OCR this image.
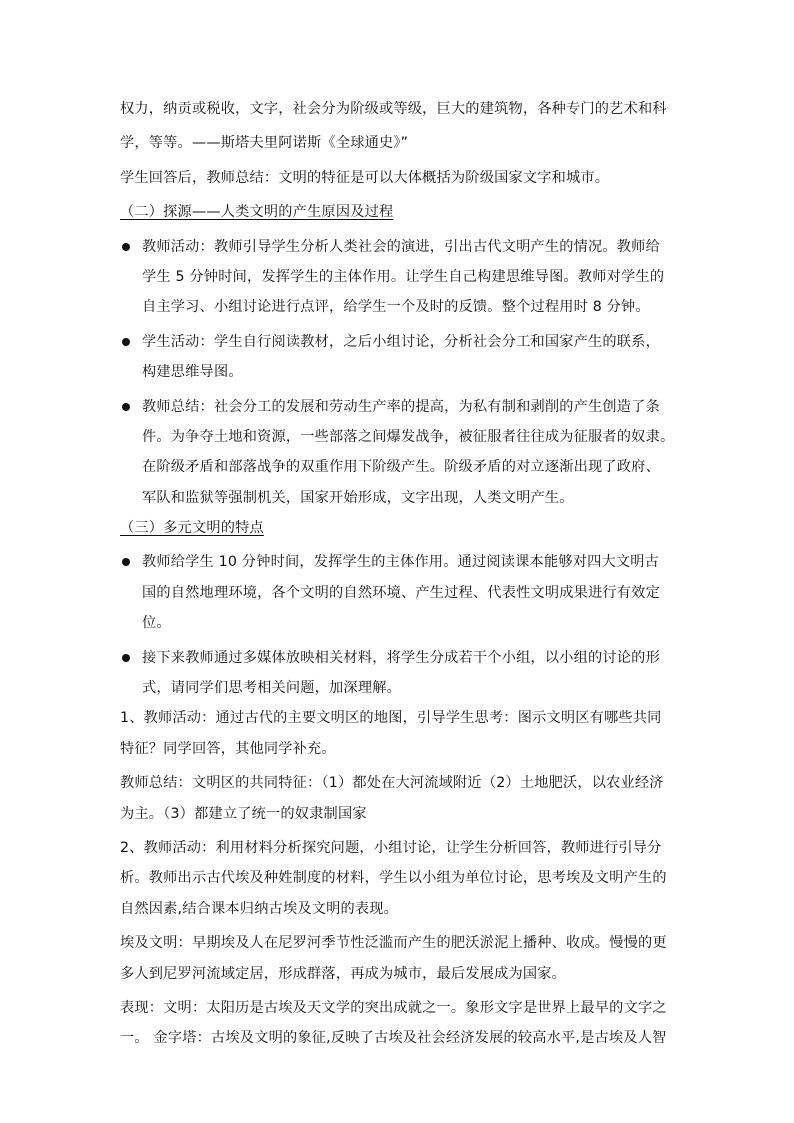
权力，纳贡或税收，文字，社会分为阶级或等级，巨大的建筑物，各种专门的艺术和科
学，等等。——斯塔夫里阿诺斯《全球通史》”
学生回答后，教师总结：文明的特征是可以大体概括为阶级国家文字和城市。
（二）探源——人类文明的产生原因及过程
教师活动：教师引导学生分析人类社会的演进，引出古代文明产生的情况。教师给
学生 5 分钟时间，发挥学生的主体作用。让学生自己构建思维导图。教师对学生的
自主学习、小组讨论进行点评，给学生一个及时的反馈。整个过程用时 8 分钟。
学生活动：学生自行阅读教材，之后小组讨论，分析社会分工和国家产生的联系，
构建思维导图。
教师总结：社会分工的发展和劳动生产率的提高，为私有制和剥削的产生创造了条
件。为争夺土地和资源，一些部落之间爆发战争，被征服者往往成为征服者的奴隶。
在阶级矛盾和部落战争的双重作用下阶级产生。阶级矛盾的对立逐渐出现了政府、
军队和监狱等强制机关，国家开始形成，文字出现，人类文明产生。
（三）多元文明的特点
教师给学生 10 分钟时间，发挥学生的主体作用。通过阅读课本能够对四大文明古
国的自然地理环境，各个文明的自然环境、产生过程、代表性文明成果进行有效定
位。
接下来教师通过多媒体放映相关材料，将学生分成若干个小组，以小组的讨论的形
式，请同学们思考相关问题，加深理解。
1、教师活动：通过古代的主要文明区的地图，引导学生思考：图示文明区有哪些共同
特征？同学回答，其他同学补充。
教师总结：文明区的共同特征：（1）都处在大河流域附近（2）土地肥沃，以农业经济
为主。（3）都建立了统一的奴隶制国家
2、教师活动：利用材料分析探究问题，小组讨论，让学生分析回答，教师进行引导分
析。教师出示古代埃及种姓制度的材料，学生以小组为单位讨论，思考埃及文明产生的
自然因素,结合课本归纳古埃及文明的表现。
埃及文明：早期埃及人在尼罗河季节性泛滥而产生的肥沃淤泥上播种、收成。慢慢的更
多人到尼罗河流域定居，形成群落，再成为城市，最后发展成为国家。
表现：文明：太阳历是古埃及天文学的突出成就之一。象形文字是世界上最早的文字之
一。 金字塔：古埃及文明的象征,反映了古埃及社会经济发展的较高水平,是古埃及人智
